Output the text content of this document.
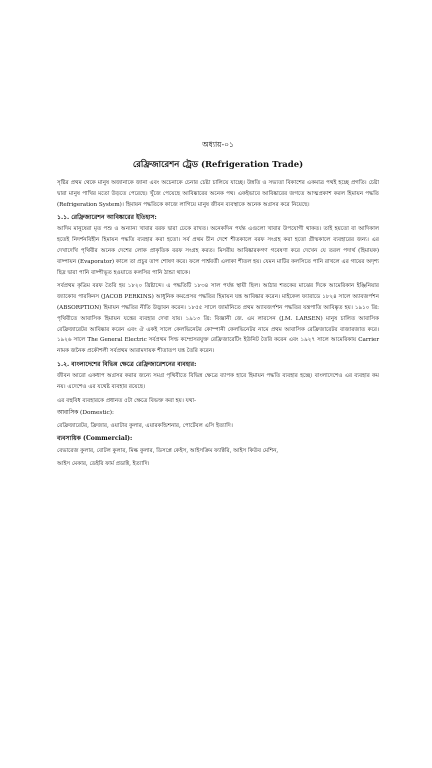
অধ্যায়-০১
রেফ্রিজারেশন ট্রেড (Refrigeration Trade)

সৃষ্টির প্রথম থেকে মানুষ অজানাকে জানা এবং অচেনাকে চেনার চেষ্টা চালিয়ে যাচ্ছে। উন্নতি ও সভ্যতা বিকাশের একমাত্র পথই হচ্ছে প্রগতি। চেষ্টা দ্বারা মানুষ পাখির মতো উড়তে পেরেছে। খুঁজে পেয়েছে আবিষ্কারের অনেক পথ। একইভাবে আবিষ্কারের জগতে আত্মপ্রকাশ করল হিমায়ন পদ্ধতি (Refrigeration System)। হিমায়ন পদ্ধতিকে কাজে লাগিয়ে মানুষ জীবন ব্যবস্থাকে অনেক অগ্রসর করে নিয়েছে।

১.১. রেফ্রিজারেশন আবিষ্কারের ইতিহাস:

আদিম মানুষেরা মৃত পশু ও অন্যান্য খাবার বরফ দ্বারা ঢেকে রাখত। অনেকদিন পর্যন্ত এগুলো খাবার উপযোগী থাকত। তাই হয়তো বা আদিকাল হতেই নিদর্শনবিহীন হিমায়ন পদ্ধতি ব্যবহার করা হতো। সর্ব প্রথম চীন দেশে শীতকালে বরফ সংগ্রহ করা হতো গ্রীষ্মকালে ব্যবহারের জন্য। এর দেখাদেখি পৃথিবীর অনেক দেশের লোক প্রাকৃতিক বরফ সংগ্রহ করত। মিসরীয় আবিষ্কারকগণ গবেষণা করে দেখেন যে তরল পদার্থ (হিমায়ক) বাষ্পায়ন (Evaporator) কালে তা প্রচুর তাপ শোষণ করে। ফলে পার্শ্ববর্তী এলাকা শীতল হয়। যেমন মাটির কলসিতে পানি রাখলে এর গায়ের অদৃশ্য ছিদ্র দ্বারা পানি বাষ্পীভূত হওয়াতে কলসির পানি ঠান্ডা থাকে।

সর্বপ্রথম কৃত্রিম বরফ তৈরি হয় ১৮২০ খ্রিষ্টাব্দে। এ পদ্ধতিটি ১৮৩৪ সাল পর্যন্ত স্থায়ী ছিল। আঠার শতকের মাঝের দিকে আমেরিকান ইঞ্জিনিয়ার জ্যাকোব পারকিনস (JACOB PERKINS) আধুনিক কমপ্রেসর পদ্ধতির হিমায়ন যন্ত্র আবিষ্কার করেন। মাইকেল ফ্যারাডে ১৮২৪ সালে অ্যাবজর্পশন (ABSORPTION) হিমায়ন পদ্ধতির নীতি উদ্ভাবন করেন। ১৮৫৫ সালে জার্মানিতে প্রথম অ্যাবজর্পশন পদ্ধতির যন্ত্রপাতি আবিষ্কৃত হয়। ১৯১০ খ্রি: পৃথিবীতে আবাসিক হিমায়ন যন্ত্রের ব্যবহার দেখা যায়। ১৯১৩ খ্রি: বিজ্ঞানী জে. এম লারসেন (J.M. LARSEN) মানুষ চালিত আবাসিক রেফ্রিজারেটর আবিষ্কার করেন এবং ঐ একই সালে কেলভিনেটর কোম্পানী কেলভিনেটর নামে প্রথম আবাসিক রেফ্রিজারেটর বাজারজাত করে। ১৯২৬ সালে The General Electric সর্বপ্রথম সিল্ড কম্প্রেসরযুক্ত রেফ্রিজারেটিং ইউনিট তৈরি করেন এবং ১৯২৭ সালে আমেরিকায় Carrier নামক জনৈক প্রকৌশলী সর্বপ্রথম আরামদায়ক শীতাতপ যন্ত্র তৈরি করেন।

১.২. বাংলাদেশের বিভিন্ন ক্ষেত্রে রেফ্রিজারেশনের ব্যবহার:

জীবন আরো একধাপ অগ্রসর করার জন্যে সমগ্র পৃথিবীতে বিভিন্ন ক্ষেত্রে ব্যাপক হারে হিমায়ন পদ্ধতি ব্যবহার হচ্ছে। বাংলাদেশেও এর ব্যবহার কম নয়। এদেশেও এর যথেষ্ট ব্যবহার রয়েছে।

এর বহুবিধ ব্যবহারকে প্রধানত ৫টা ক্ষেত্রে বিভক্ত করা হয়। যথা-
আবাসিক (Domestic):
রেফ্রিজারেটর, ফ্রিজার, ওয়াটার কুলার, এয়ারকন্ডিশনার, পোর্টেবল এসি ইত্যাদি।
ব্যবসায়িক (Commercial):
বেভারেজ কুলার, বোটল কুলার, মিল্ক কুলার, ডিসপ্লে কেইস, আইসক্রিম ফ্যাক্টরি, আইস কিউব মেশিন,
আইস মেকার, ডেইরি ফার্ম প্রডাক্ট, ইত্যাদি।
